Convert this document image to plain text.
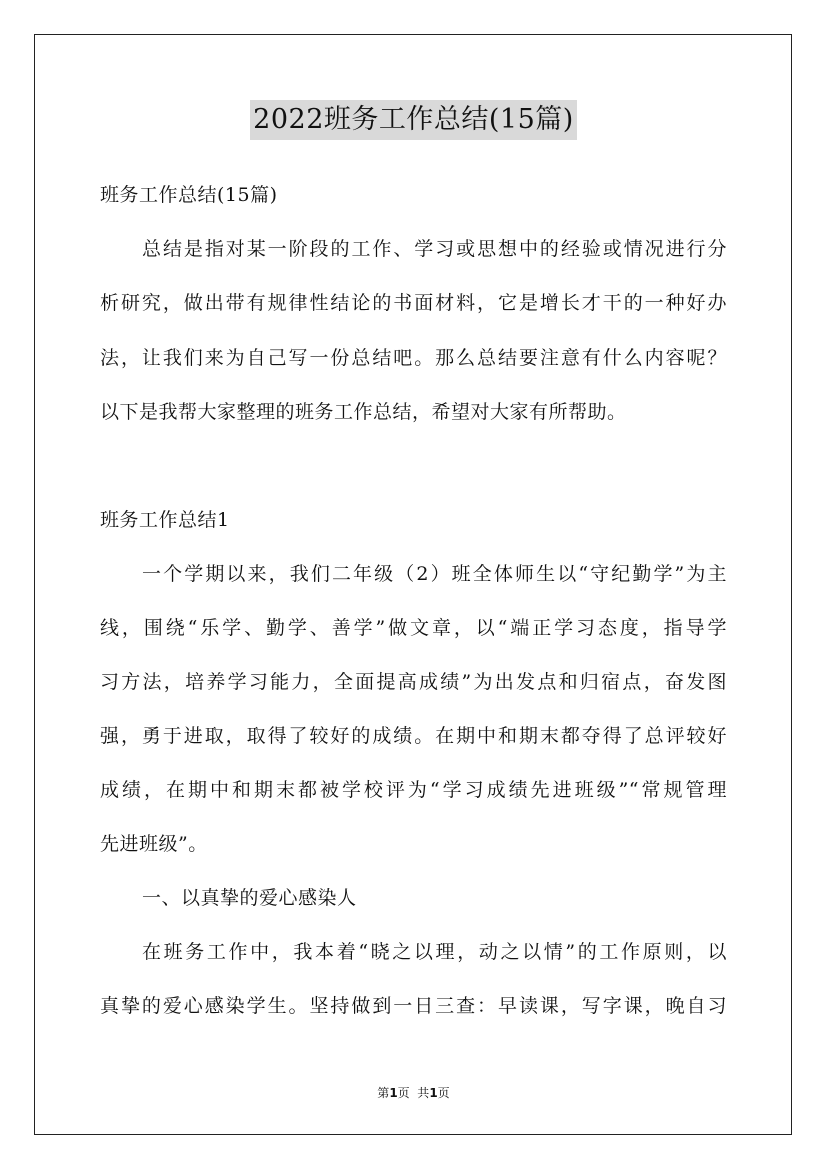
2022班务工作总结(15篇)
班务工作总结(15篇)
总结是指对某一阶段的工作、学习或思想中的经验或情况进行分
析研究，做出带有规律性结论的书面材料，它是增长才干的一种好办
法，让我们来为自己写一份总结吧。那么总结要注意有什么内容呢？
以下是我帮大家整理的班务工作总结，希望对大家有所帮助。
班务工作总结1
一个学期以来，我们二年级（2）班全体师生以“守纪勤学”为主
线，围绕“乐学、勤学、善学”做文章，以“端正学习态度，指导学
习方法，培养学习能力，全面提高成绩”为出发点和归宿点，奋发图
强，勇于进取，取得了较好的成绩。在期中和期末都夺得了总评较好
成绩，在期中和期末都被学校评为“学习成绩先进班级”“常规管理
先进班级”。
一、以真挚的爱心感染人
在班务工作中，我本着“晓之以理，动之以情”的工作原则，以
真挚的爱心感染学生。坚持做到一日三查：早读课，写字课，晚自习
第1页  共1页
